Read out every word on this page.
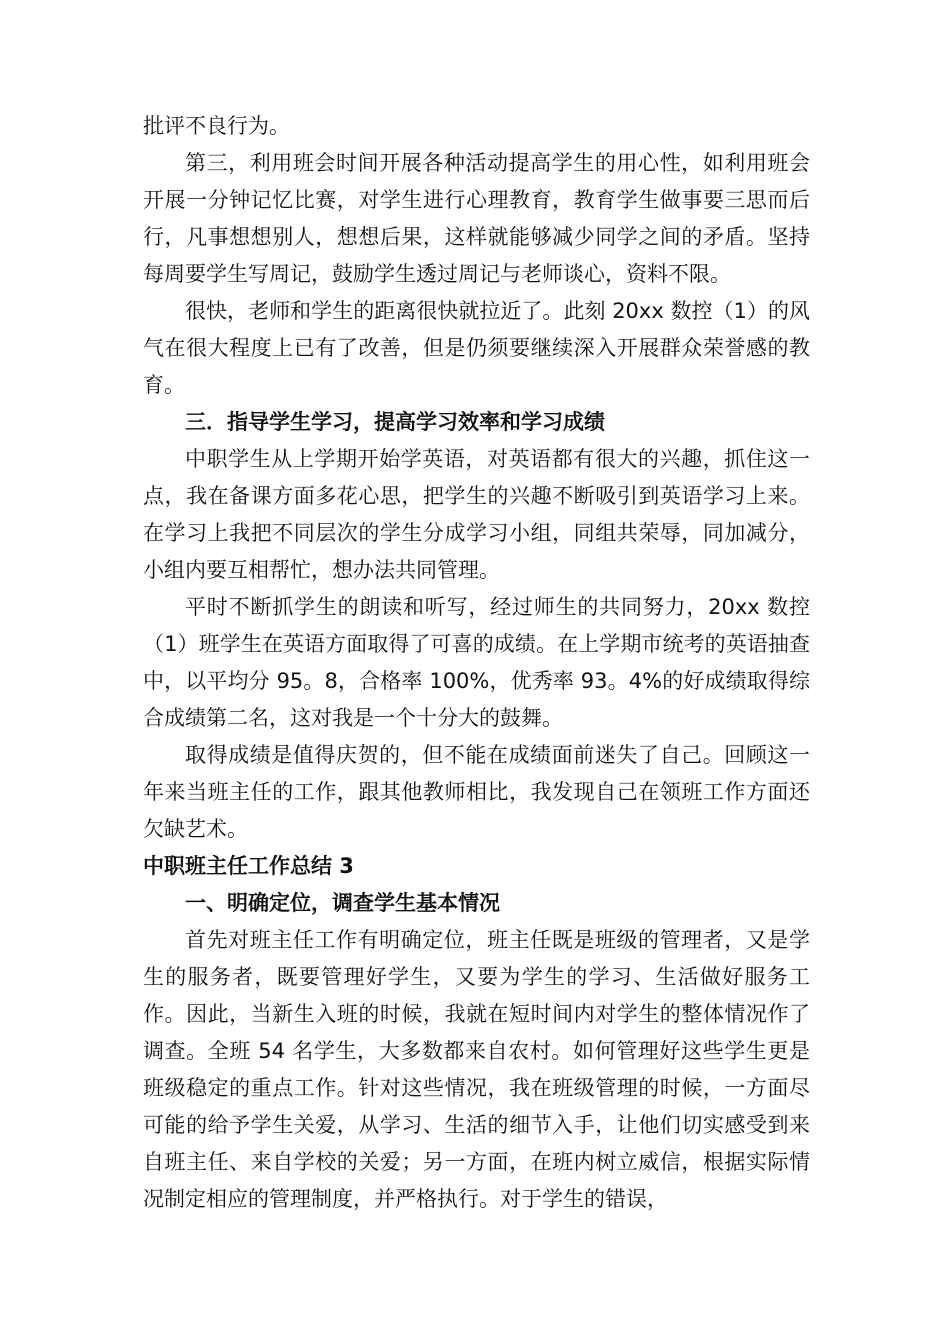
批评不良行为。

第三，利用班会时间开展各种活动提高学生的用心性，如利用班会开展一分钟记忆比赛，对学生进行心理教育，教育学生做事要三思而后行，凡事想想别人，想想后果，这样就能够减少同学之间的矛盾。坚持每周要学生写周记，鼓励学生透过周记与老师谈心，资料不限。

很快，老师和学生的距离很快就拉近了。此刻 20xx 数控（1）的风气在很大程度上已有了改善，但是仍须要继续深入开展群众荣誉感的教育。

三．指导学生学习，提高学习效率和学习成绩

中职学生从上学期开始学英语，对英语都有很大的兴趣，抓住这一点，我在备课方面多花心思，把学生的兴趣不断吸引到英语学习上来。在学习上我把不同层次的学生分成学习小组，同组共荣辱，同加减分，小组内要互相帮忙，想办法共同管理。

平时不断抓学生的朗读和听写，经过师生的共同努力，20xx 数控（1）班学生在英语方面取得了可喜的成绩。在上学期市统考的英语抽查中，以平均分 95。8，合格率 100%，优秀率 93。4%的好成绩取得综合成绩第二名，这对我是一个十分大的鼓舞。

取得成绩是值得庆贺的，但不能在成绩面前迷失了自己。回顾这一年来当班主任的工作，跟其他教师相比，我发现自己在领班工作方面还欠缺艺术。

中职班主任工作总结 3

一、明确定位，调查学生基本情况

首先对班主任工作有明确定位，班主任既是班级的管理者，又是学生的服务者，既要管理好学生，又要为学生的学习、生活做好服务工作。因此，当新生入班的时候，我就在短时间内对学生的整体情况作了调查。全班 54 名学生，大多数都来自农村。如何管理好这些学生更是班级稳定的重点工作。针对这些情况，我在班级管理的时候，一方面尽可能的给予学生关爱，从学习、生活的细节入手，让他们切实感受到来自班主任、来自学校的关爱；另一方面，在班内树立威信，根据实际情况制定相应的管理制度，并严格执行。对于学生的错误，
